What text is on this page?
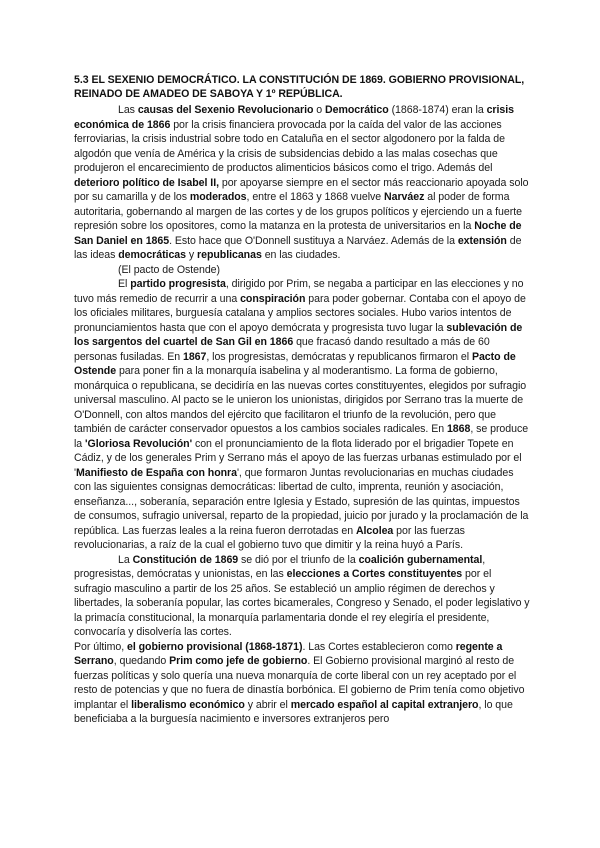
5.3 EL SEXENIO DEMOCRÁTICO. LA CONSTITUCIÓN DE 1869. GOBIERNO PROVISIONAL, REINADO DE AMADEO DE SABOYA Y 1º REPÚBLICA.

Las causas del Sexenio Revolucionario o Democrático (1868-1874) eran la crisis económica de 1866 por la crisis financiera provocada por la caída del valor de las acciones ferroviarias, la crisis industrial sobre todo en Cataluña en el sector algodonero por la falda de algodón que venía de América y la crisis de subsidencias debido a las malas cosechas que produjeron el encarecimiento de productos alimenticios básicos como el trigo. Además del deterioro político de Isabel II, por apoyarse siempre en el sector más reaccionario apoyada solo por su camarilla y de los moderados, entre el 1863 y 1868 vuelve Narváez al poder de forma autoritaria, gobernando al margen de las cortes y de los grupos políticos y ejerciendo un a fuerte represión sobre los opositores, como la matanza en la protesta de universitarios en la Noche de San Daniel en 1865. Esto hace que O'Donnell sustituya a Narváez. Además de la extensión de las ideas democráticas y republicanas en las ciudades.

(El pacto de Ostende)

El partido progresista, dirigido por Prim, se negaba a participar en las elecciones y no tuvo más remedio de recurrir a una conspiración para poder gobernar. Contaba con el apoyo de los oficiales militares, burguesía catalana y amplios sectores sociales. Hubo varios intentos de pronunciamientos hasta que con el apoyo demócrata y progresista tuvo lugar la sublevación de los sargentos del cuartel de San Gil en 1866 que fracasó dando resultado a más de 60 personas fusiladas. En 1867, los progresistas, demócratas y republicanos firmaron el Pacto de Ostende para poner fin a la monarquía isabelina y al moderantismo. La forma de gobierno, monárquica o republicana, se decidiría en las nuevas cortes constituyentes, elegidos por sufragio universal masculino. Al pacto se le unieron los unionistas, dirigidos por Serrano tras la muerte de O'Donnell, con altos mandos del ejército que facilitaron el triunfo de la revolución, pero que también de carácter conservador opuestos a los cambios sociales radicales. En 1868, se produce la 'Gloriosa Revolución' con el pronunciamiento de la flota liderado por el brigadier Topete en Cádiz, y de los generales Prim y Serrano más el apoyo de las fuerzas urbanas estimulado por el 'Manifiesto de España con honra', que formaron Juntas revolucionarias en muchas ciudades con las siguientes consignas democráticas: libertad de culto, imprenta, reunión y asociación, enseñanza..., soberanía, separación entre Iglesia y Estado, supresión de las quintas, impuestos de consumos, sufragio universal, reparto de la propiedad, juicio por jurado y la proclamación de la república. Las fuerzas leales a la reina fueron derrotadas en Alcolea por las fuerzas revolucionarias, a raíz de la cual el gobierno tuvo que dimitir y la reina huyó a París.

La Constitución de 1869 se dió por el triunfo de la coalición gubernamental, progresistas, demócratas y unionistas, en las elecciones a Cortes constituyentes por el sufragio masculino a partir de los 25 años. Se estableció un amplio régimen de derechos y libertades, la soberanía popular, las cortes bicamerales, Congreso y Senado, el poder legislativo y la primacía constitucional, la monarquía parlamentaria donde el rey elegiría el presidente, convocaría y disolvería las cortes.

Por último, el gobierno provisional (1868-1871). Las Cortes establecieron como regente a Serrano, quedando Prim como jefe de gobierno. El Gobierno provisional marginó al resto de fuerzas políticas y solo quería una nueva monarquía de corte liberal con un rey aceptado por el resto de potencias y que no fuera de dinastía borbónica. El gobierno de Prim tenía como objetivo implantar el liberalismo económico y abrir el mercado español al capital extranjero, lo que beneficiaba a la burguesía nacimiento e inversores extranjeros pero
